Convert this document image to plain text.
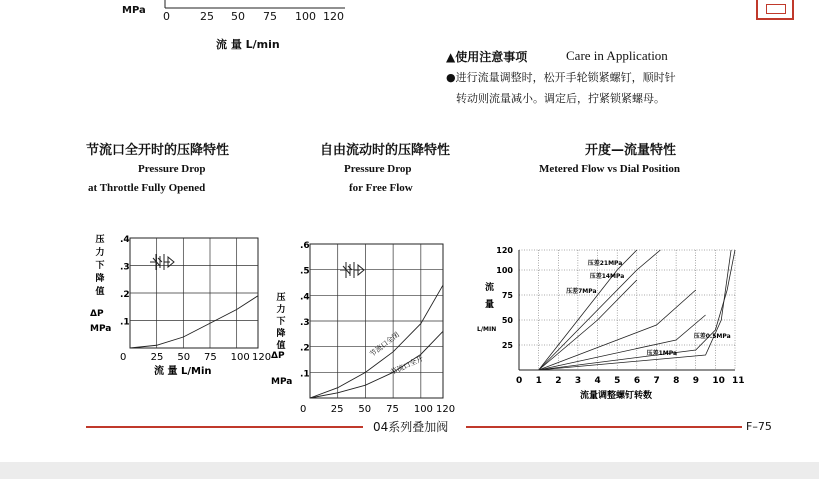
MPa 0	25 50 75 100 120
流 量 L/min
▲使用注意事项	Care in Application
●进行流量调整时，松开手轮锁紧螺钉，顺时针
转动则流量减小。调定后，拧紧锁紧螺母。
节流口全开时的压降特性
Pressure Drop
at Throttle Fully Opened
自由流动时的压降特性
Pressure Drop
for Free Flow
开度—流量特性
Metered Flow vs Dial Position
0 25 50 75 100 120
.1
.2
.3
.4
压
力
下
降
值
ΔP
MPa
流 量 L/Min
0 25 50 75 100 120
.1
.2
.3
.4
.5
.6
节流口全闭
节流口全开
压
力
下
降
值
ΔP
MPa	0 1 2 3 4 5 6 7 8 9 10 11
25
50
75
100
120
压差21MPa
压差14MPa
压差7MPa
压差0.5MPa
压差1MPa
流量调整螺钉转数
流
量
L/MIN
04系列叠加阀	F–75
